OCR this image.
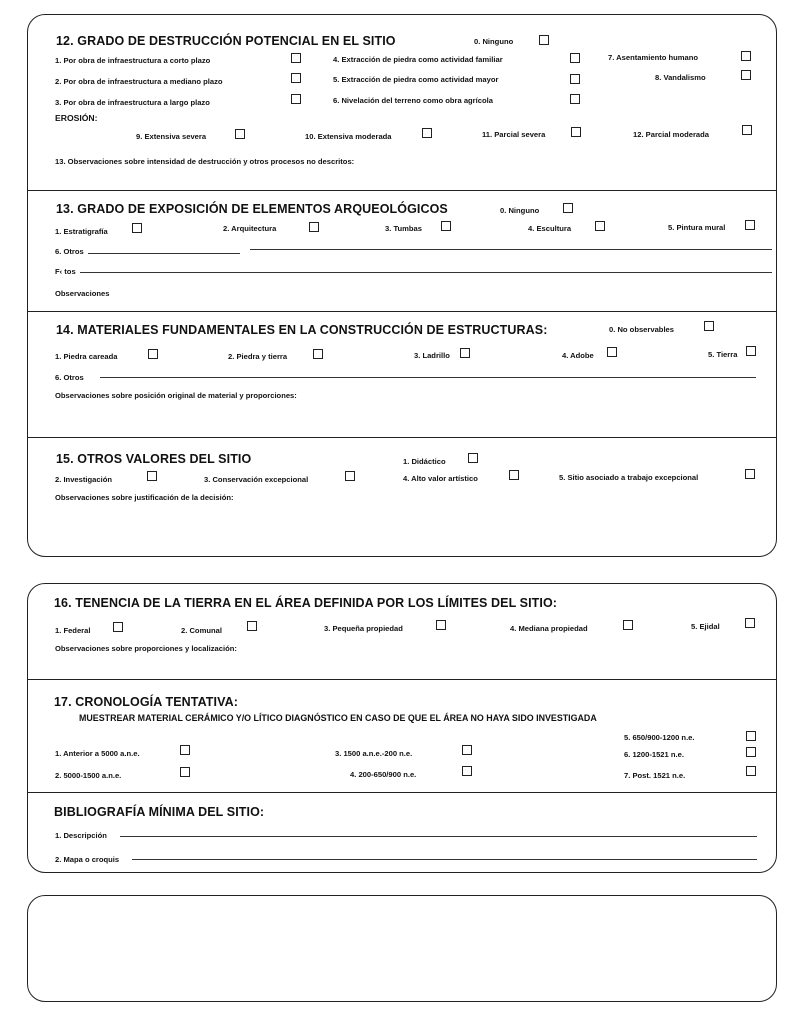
12. GRADO DE DESTRUCCIÓN POTENCIAL EN EL SITIO	0. Ninguno
1. Por obra de infraestructura a corto plazo	4. Extracción de piedra como actividad familiar	7. Asentamiento humano
2. Por obra de infraestructura a mediano plazo	5. Extracción de piedra como actividad mayor	8. Vandalismo
3. Por obra de infraestructura a largo plazo	6. Nivelación del terreno como obra agrícola
EROSIÓN:
9. Extensiva severa	10. Extensiva moderada	11. Parcial severa	12. Parcial moderada
13. Observaciones sobre intensidad de destrucción y otros procesos no descritos:
13. GRADO DE EXPOSICIÓN DE ELEMENTOS ARQUEOLÓGICOS	0. Ninguno
1. Estratigrafía	2. Arquitectura	3. Tumbas	4. Escultura	5. Pintura mural
6. Otros
F‹ tos
Observaciones
14. MATERIALES FUNDAMENTALES EN LA CONSTRUCCIÓN DE ESTRUCTURAS:	0. No observables
1. Piedra careada	2. Piedra y tierra	3. Ladrillo	4. Adobe	5. Tierra
6. Otros
Observaciones sobre posición original de material y proporciones:
15. OTROS VALORES DEL SITIO	1. Didáctico
2. Investigación	3. Conservación excepcional	4. Alto valor artístico	5. Sitio asociado a trabajo excepcional
Observaciones sobre justificación de la decisión:
16. TENENCIA DE LA TIERRA EN EL ÁREA DEFINIDA POR LOS LÍMITES DEL SITIO:
1. Federal	2. Comunal	3. Pequeña propiedad	4. Mediana propiedad	5. Ejidal
Observaciones sobre proporciones y localización:
17. CRONOLOGÍA TENTATIVA:
MUESTREAR MATERIAL CERÁMICO Y/O LÍTICO DIAGNÓSTICO EN CASO DE QUE EL ÁREA NO HAYA SIDO INVESTIGADA
5. 650/900-1200 n.e.
1. Anterior a 5000 a.n.e.	3. 1500 a.n.e.-200 n.e.	6. 1200-1521 n.e.
2. 5000-1500 a.n.e.	4. 200-650/900 n.e.	7. Post. 1521 n.e.
BIBLIOGRAFÍA MÍNIMA DEL SITIO:
1. Descripción
2. Mapa o croquis
